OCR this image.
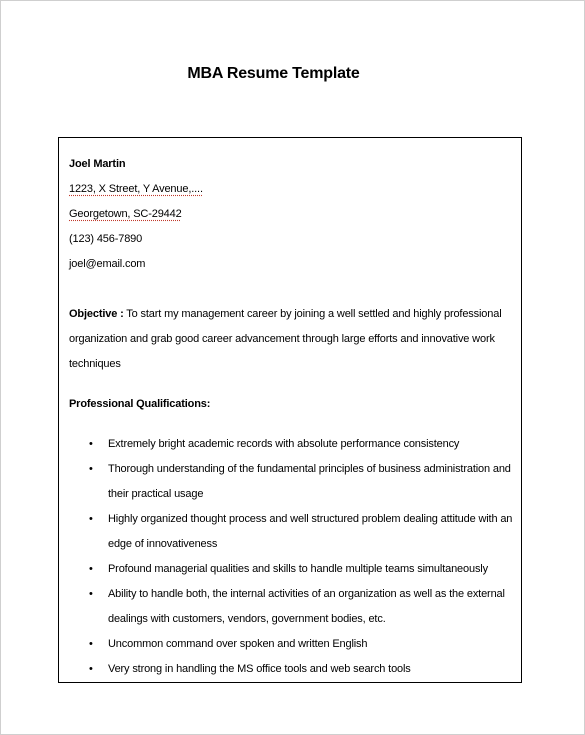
MBA Resume Template

Joel Martin

1223, X Street, Y Avenue,....

Georgetown, SC-29442

(123) 456-7890

joel@email.com

Objective : To start my management career by joining a well settled and highly professional organization and grab good career advancement through large efforts and innovative work techniques

Professional Qualifications:

• Extremely bright academic records with absolute performance consistency
• Thorough understanding of the fundamental principles of business administration and their practical usage
• Highly organized thought process and well structured problem dealing attitude with an edge of innovativeness
• Profound managerial qualities and skills to handle multiple teams simultaneously
• Ability to handle both, the internal activities of an organization as well as the external dealings with customers, vendors, government bodies, etc.
• Uncommon command over spoken and written English
• Very strong in handling the MS office tools and web search tools
